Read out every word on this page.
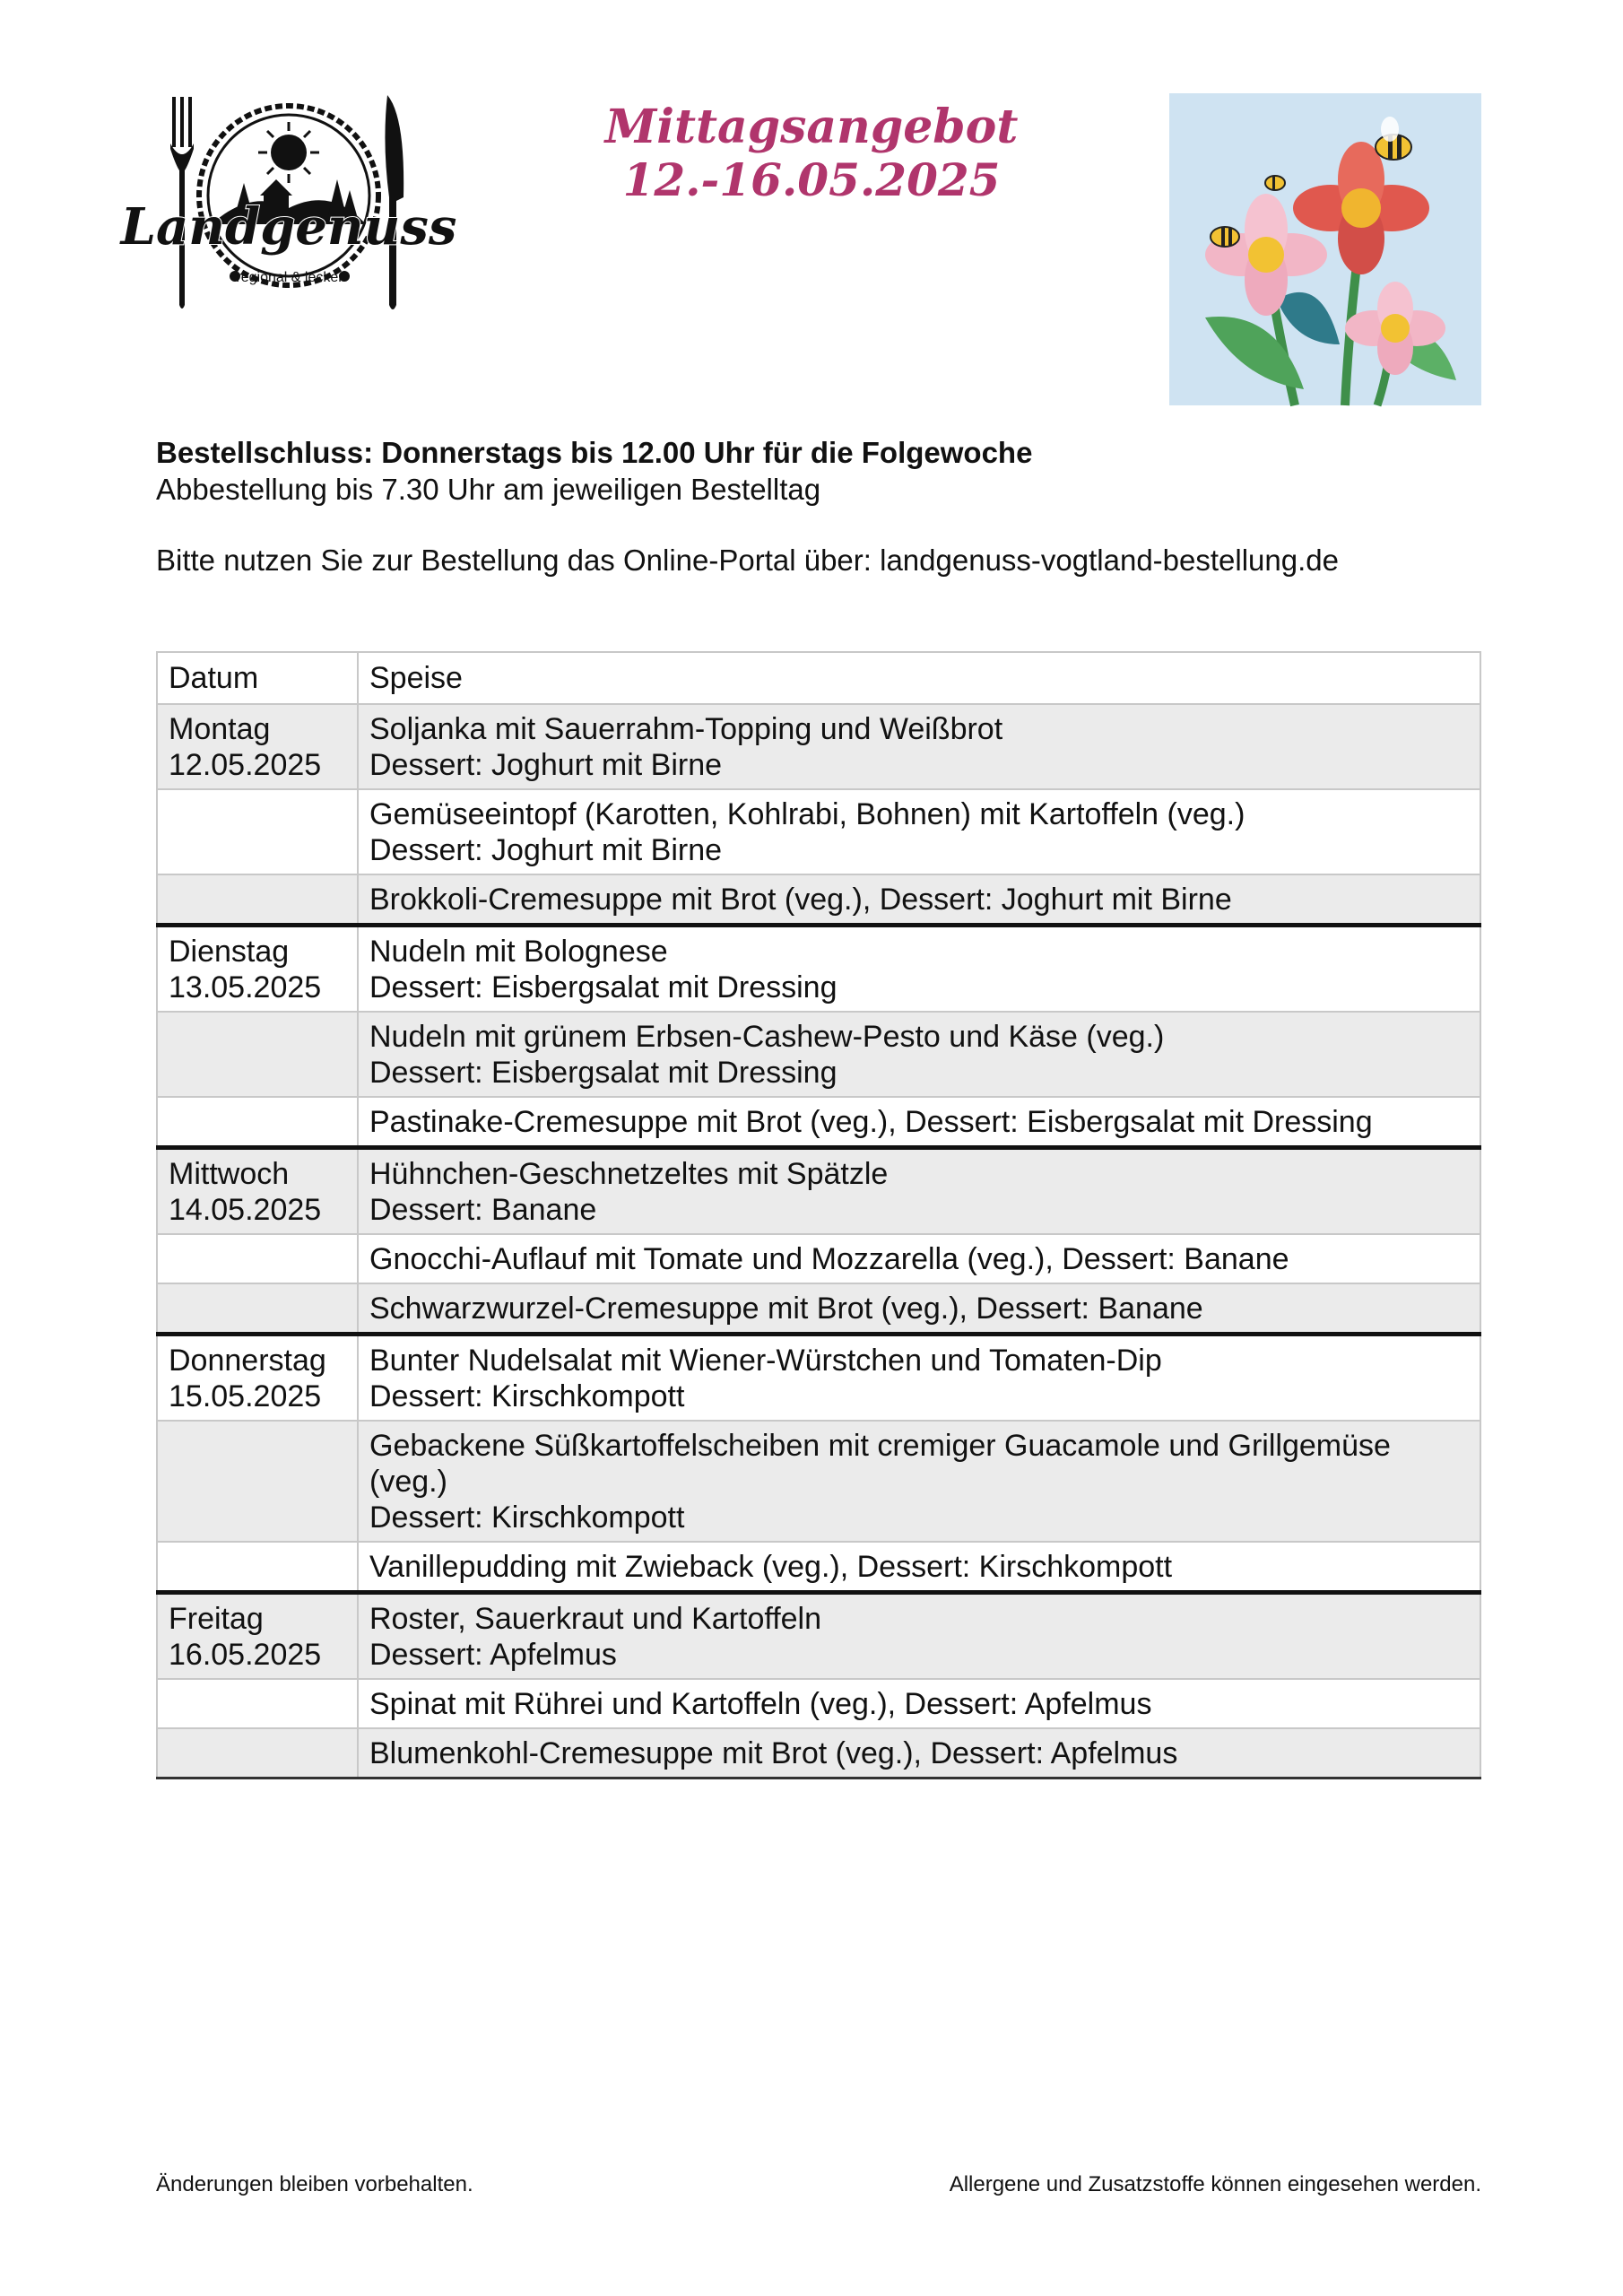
Landgenuss
regional & lecker
Mittagsangebot
12.-16.05.2025
Bestellschluss: Donnerstags bis 12.00 Uhr für die Folgewoche
Abbestellung bis 7.30 Uhr am jeweiligen Bestelltag
Bitte nutzen Sie zur Bestellung das Online-Portal über: landgenuss-vogtland-bestellung.de
Datum	Speise

Montag
12.05.2025	Soljanka mit Sauerrahm-Topping und Weißbrot
Dessert: Joghurt mit Birne

	Gemüseeintopf (Karotten, Kohlrabi, Bohnen) mit Kartoffeln (veg.)
Dessert: Joghurt mit Birne

	Brokkoli-Cremesuppe mit Brot (veg.), Dessert: Joghurt mit Birne

Dienstag
13.05.2025	Nudeln mit Bolognese
Dessert: Eisbergsalat mit Dressing

	Nudeln mit grünem Erbsen-Cashew-Pesto und Käse (veg.)
Dessert: Eisbergsalat mit Dressing

	Pastinake-Cremesuppe mit Brot (veg.), Dessert: Eisbergsalat mit Dressing

Mittwoch
14.05.2025	Hühnchen-Geschnetzeltes mit Spätzle
Dessert: Banane

	Gnocchi-Auflauf mit Tomate und Mozzarella (veg.), Dessert: Banane

	Schwarzwurzel-Cremesuppe mit Brot (veg.), Dessert: Banane

Donnerstag
15.05.2025	Bunter Nudelsalat mit Wiener-Würstchen und Tomaten-Dip
Dessert: Kirschkompott

	Gebackene Süßkartoffelscheiben mit cremiger Guacamole und Grillgemüse (veg.)
Dessert: Kirschkompott

	Vanillepudding mit Zwieback (veg.), Dessert: Kirschkompott

Freitag
16.05.2025	Roster, Sauerkraut und Kartoffeln
Dessert: Apfelmus

	Spinat mit Rührei und Kartoffeln (veg.), Dessert: Apfelmus

	Blumenkohl-Cremesuppe mit Brot (veg.), Dessert: Apfelmus
Änderungen bleiben vorbehalten.	Allergene und Zusatzstoffe können eingesehen werden.
